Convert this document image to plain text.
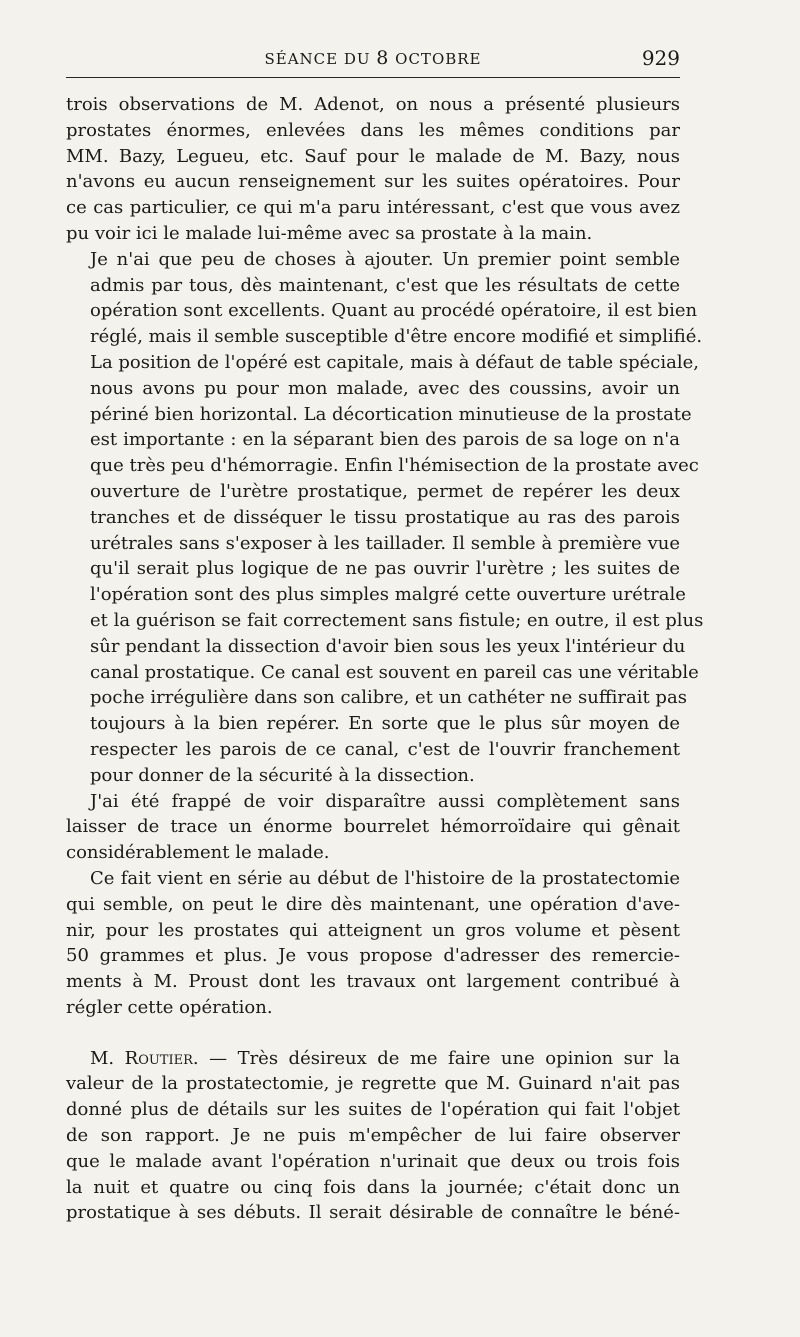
SÉANCE DU 8 OCTOBRE	929

trois observations de M. Adenot, on nous a présenté plusieurs
prostates énormes, enlevées dans les mêmes conditions par
MM. Bazy, Legueu, etc. Sauf pour le malade de M. Bazy, nous
n'avons eu aucun renseignement sur les suites opératoires. Pour
ce cas particulier, ce qui m'a paru intéressant, c'est que vous avez
pu voir ici le malade lui-même avec sa prostate à la main.

Je n'ai que peu de choses à ajouter. Un premier point semble
admis par tous, dès maintenant, c'est que les résultats de cette
opération sont excellents. Quant au procédé opératoire, il est bien
réglé, mais il semble susceptible d'être encore modifié et simplifié.
La position de l'opéré est capitale, mais à défaut de table spéciale,
nous avons pu pour mon malade, avec des coussins, avoir un
périné bien horizontal. La décortication minutieuse de la prostate
est importante : en la séparant bien des parois de sa loge on n'a
que très peu d'hémorragie. Enfin l'hémisection de la prostate avec
ouverture de l'urètre prostatique, permet de repérer les deux
tranches et de disséquer le tissu prostatique au ras des parois
urétrales sans s'exposer à les taillader. Il semble à première vue
qu'il serait plus logique de ne pas ouvrir l'urètre ; les suites de
l'opération sont des plus simples malgré cette ouverture urétrale
et la guérison se fait correctement sans fistule; en outre, il est plus
sûr pendant la dissection d'avoir bien sous les yeux l'intérieur du
canal prostatique. Ce canal est souvent en pareil cas une véritable
poche irrégulière dans son calibre, et un cathéter ne suffirait pas
toujours à la bien repérer. En sorte que le plus sûr moyen de
respecter les parois de ce canal, c'est de l'ouvrir franchement
pour donner de la sécurité à la dissection.

J'ai été frappé de voir disparaître aussi complètement sans
laisser de trace un énorme bourrelet hémorroïdaire qui gênait
considérablement le malade.

Ce fait vient en série au début de l'histoire de la prostatectomie
qui semble, on peut le dire dès maintenant, une opération d'ave-
nir, pour les prostates qui atteignent un gros volume et pèsent
50 grammes et plus. Je vous propose d'adresser des remercie-
ments à M. Proust dont les travaux ont largement contribué à
régler cette opération.

M. Routier. — Très désireux de me faire une opinion sur la
valeur de la prostatectomie, je regrette que M. Guinard n'ait pas
donné plus de détails sur les suites de l'opération qui fait l'objet
de son rapport. Je ne puis m'empêcher de lui faire observer
que le malade avant l'opération n'urinait que deux ou trois fois
la nuit et quatre ou cinq fois dans la journée; c'était donc un
prostatique à ses débuts. Il serait désirable de connaître le béné-
